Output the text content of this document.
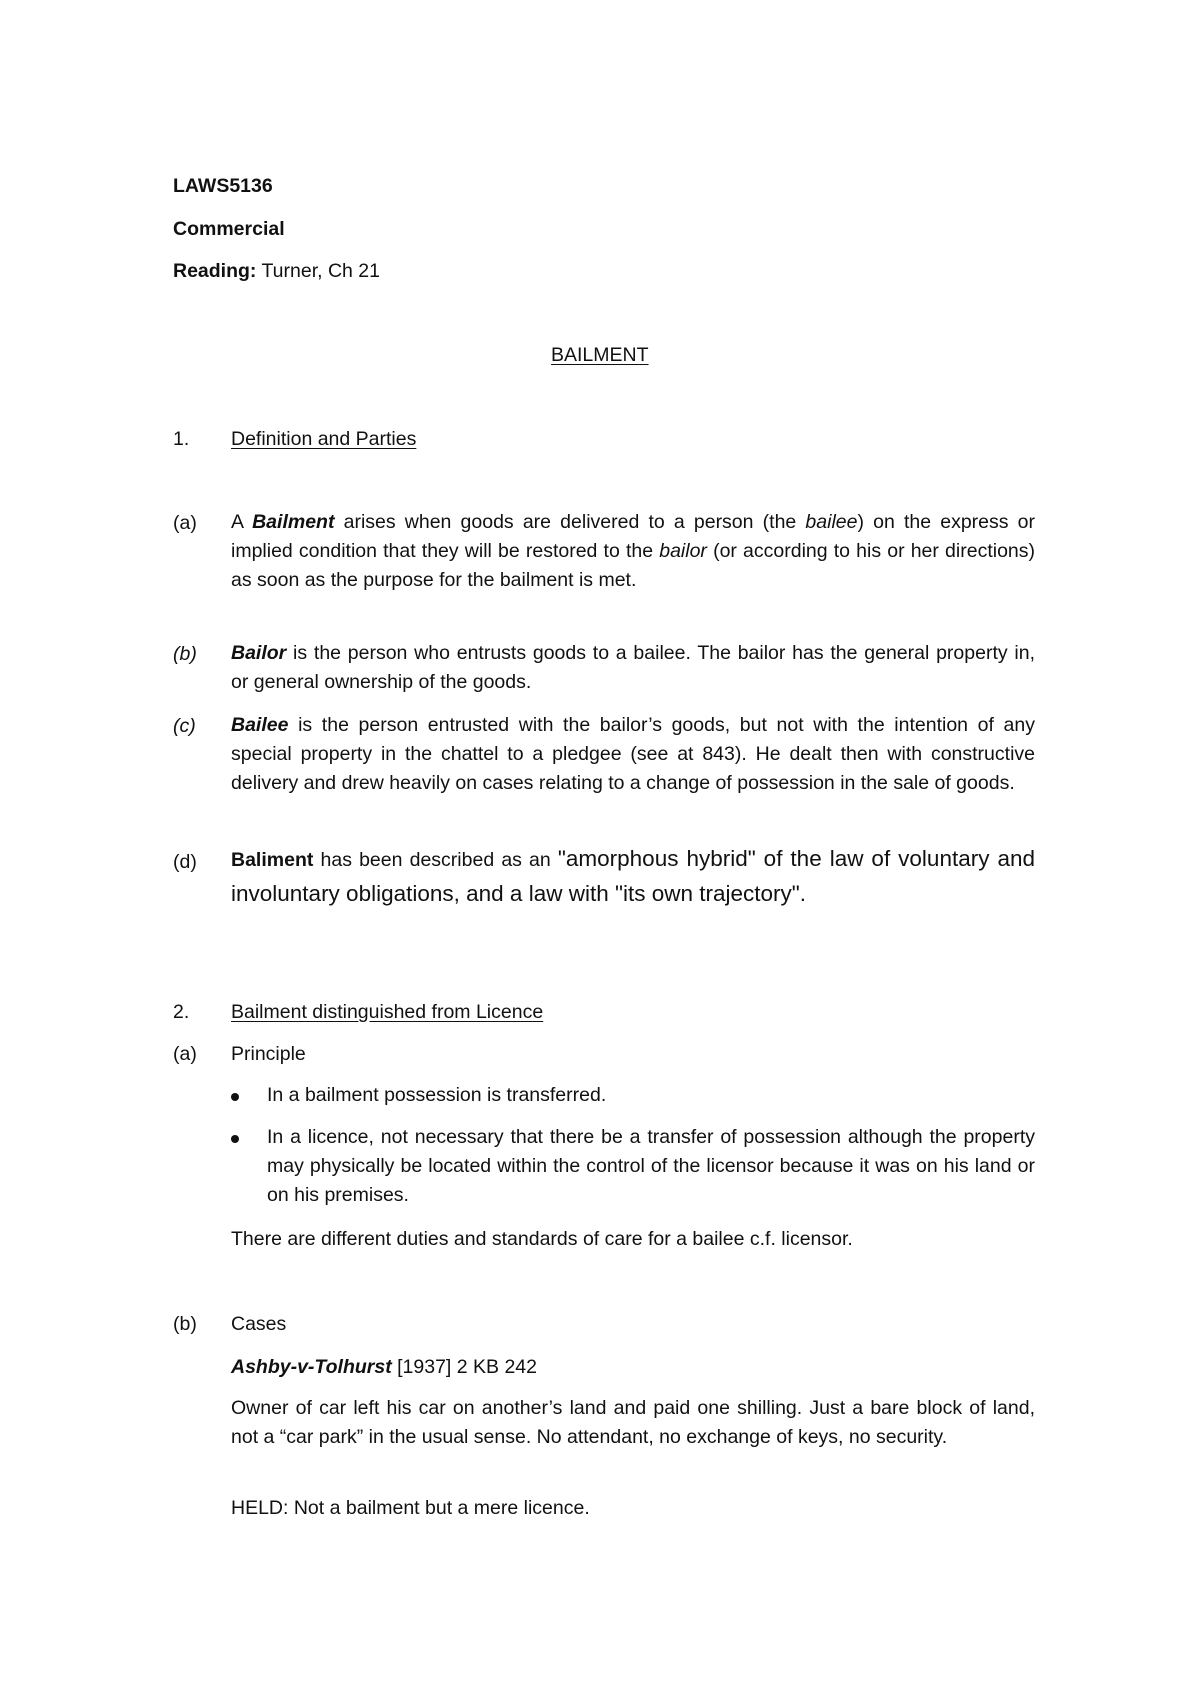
LAWS5136
Commercial
Reading: Turner, Ch 21
BAILMENT
1. Definition and Parties
(a) A Bailment arises when goods are delivered to a person (the bailee) on the express or implied condition that they will be restored to the bailor (or according to his or her directions) as soon as the purpose for the bailment is met.
(b) Bailor is the person who entrusts goods to a bailee. The bailor has the general property in, or general ownership of the goods.
(c) Bailee is the person entrusted with the bailor’s goods, but not with the intention of any special property in the chattel to a pledgee (see at 843). He dealt then with constructive delivery and drew heavily on cases relating to a change of possession in the sale of goods.
(d) Baliment has been described as an "amorphous hybrid" of the law of voluntary and involuntary obligations, and a law with "its own trajectory".
2. Bailment distinguished from Licence
(a) Principle
In a bailment possession is transferred.
In a licence, not necessary that there be a transfer of possession although the property may physically be located within the control of the licensor because it was on his land or on his premises.
There are different duties and standards of care for a bailee c.f. licensor.
(b) Cases
Ashby-v-Tolhurst [1937] 2 KB 242
Owner of car left his car on another’s land and paid one shilling. Just a bare block of land, not a “car park” in the usual sense. No attendant, no exchange of keys, no security.
HELD: Not a bailment but a mere licence.
